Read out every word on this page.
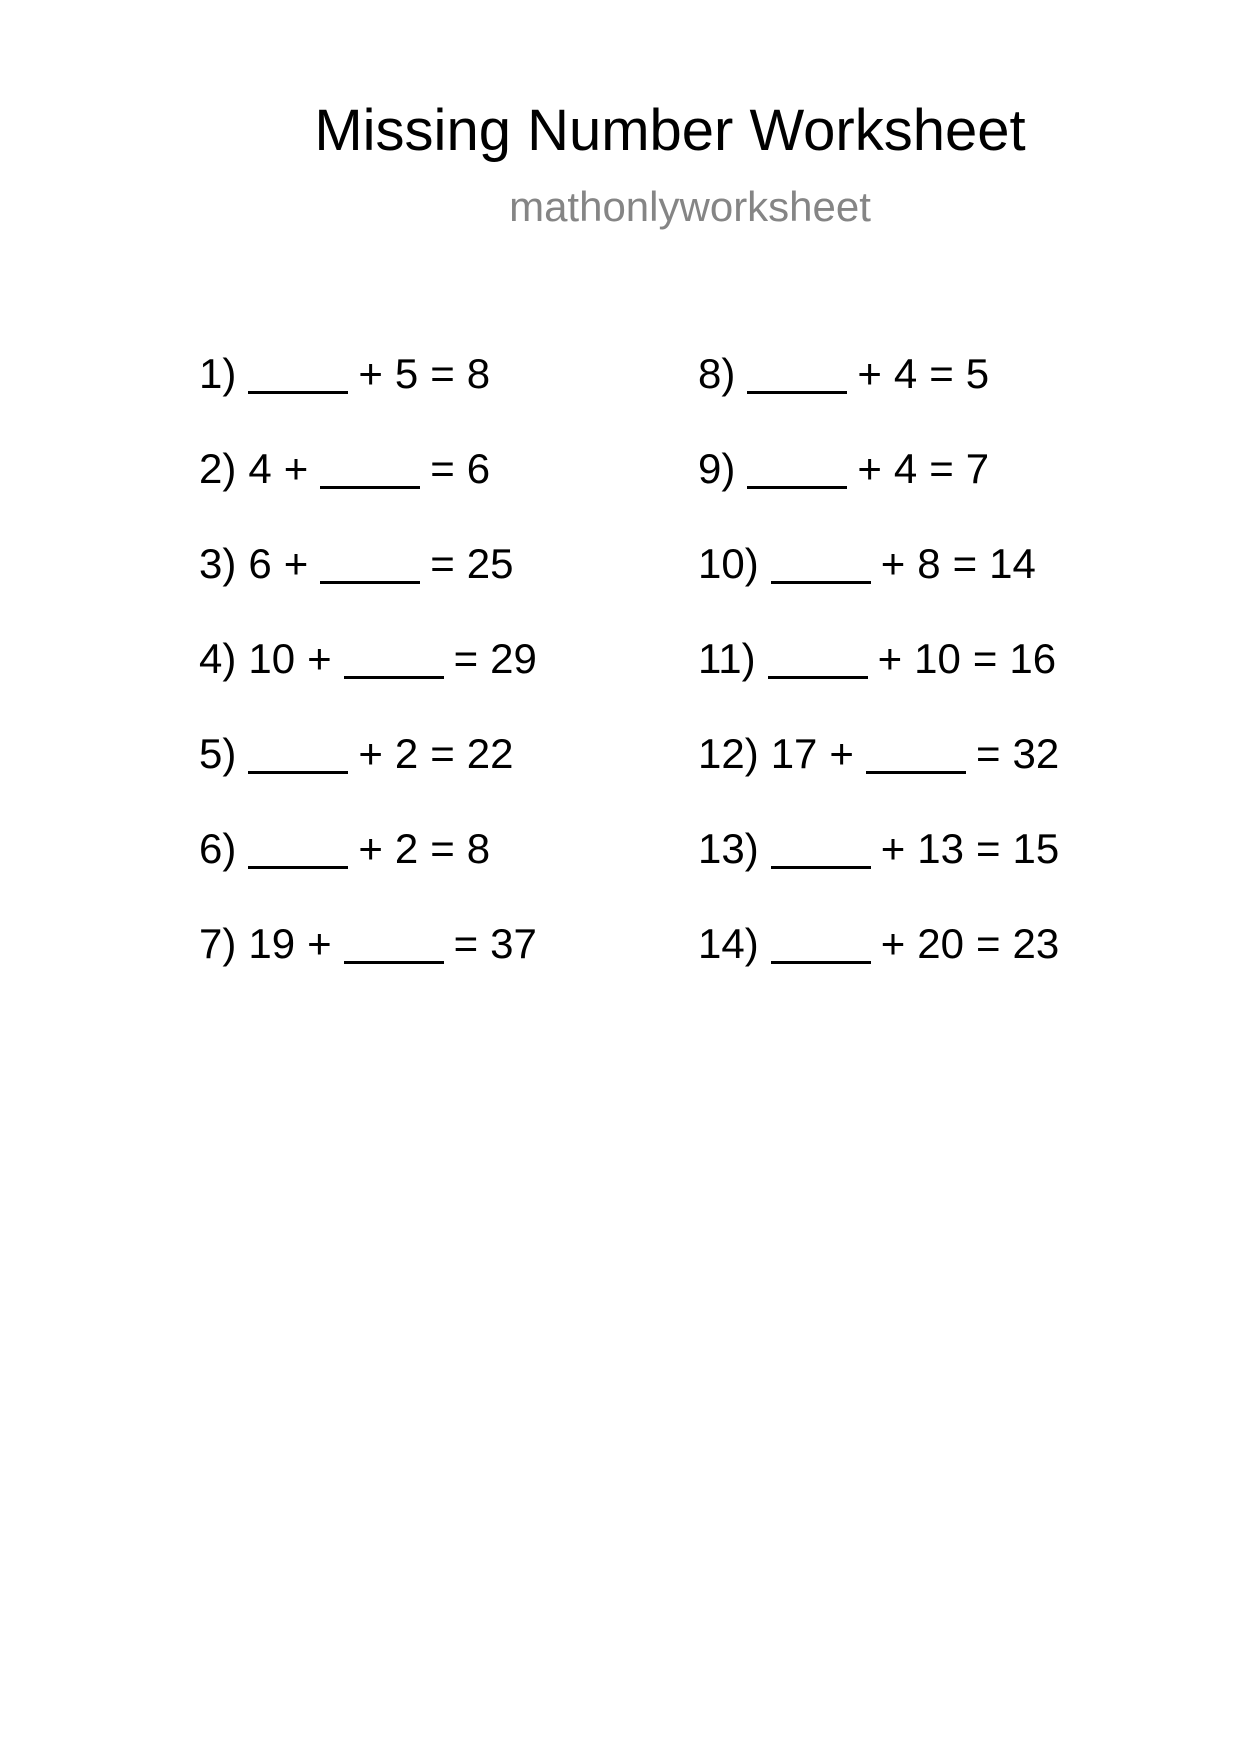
Missing Number Worksheet
mathonlyworksheet
1)	+ 5 = 8
2) 4 +	= 6
3) 6 +	= 25
4) 10 +	= 29
5)	+ 2 = 22
6)	+ 2 = 8
7) 19 +	= 37
8)	+ 4 = 5
9)	+ 4 = 7
10)	+ 8 = 14
11)	+ 10 = 16
12) 17 +	= 32
13)	+ 13 = 15
14)	+ 20 = 23
